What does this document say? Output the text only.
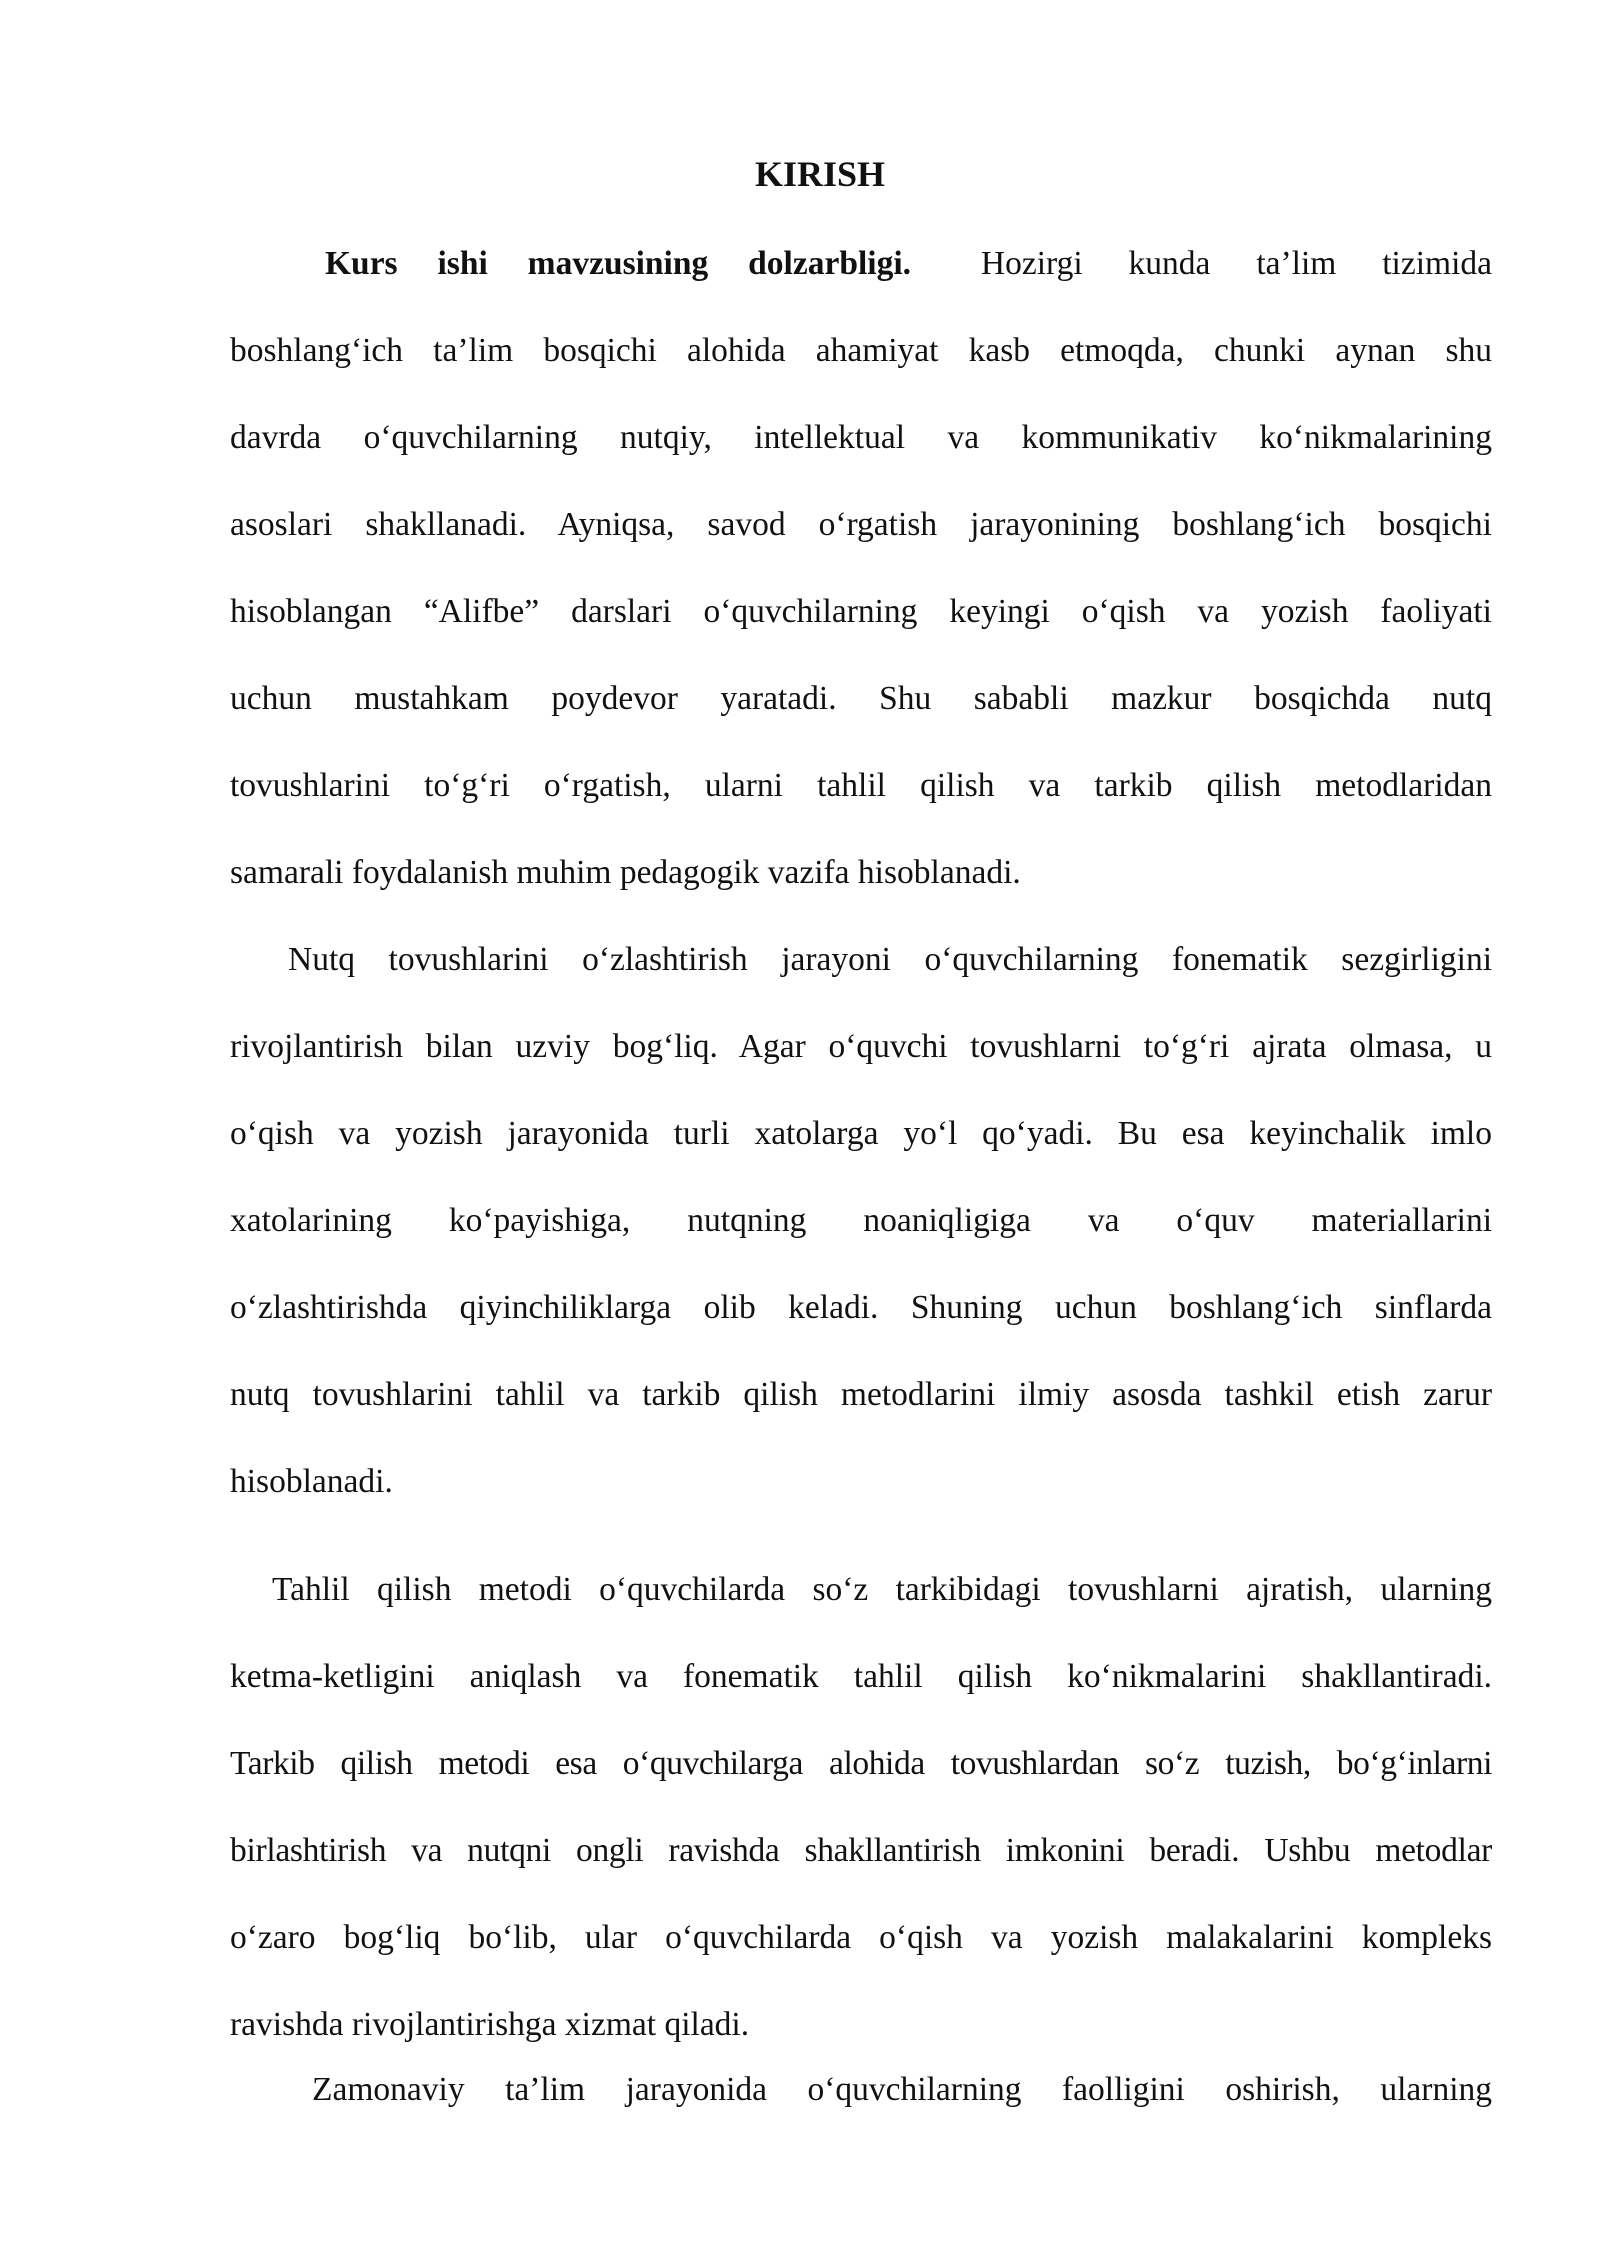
KIRISH
Kurs ishi mavzusining dolzarbligi. Hozirgi kunda ta’lim tizimida
boshlang‘ich ta’lim bosqichi alohida ahamiyat kasb etmoqda, chunki aynan shu
davrda o‘quvchilarning nutqiy, intellektual va kommunikativ ko‘nikmalarining
asoslari shakllanadi. Ayniqsa, savod o‘rgatish jarayonining boshlang‘ich bosqichi
hisoblangan “Alifbe” darslari o‘quvchilarning keyingi o‘qish va yozish faoliyati
uchun mustahkam poydevor yaratadi. Shu sababli mazkur bosqichda nutq
tovushlarini to‘g‘ri o‘rgatish, ularni tahlil qilish va tarkib qilish metodlaridan
samarali foydalanish muhim pedagogik vazifa hisoblanadi.
Nutq tovushlarini o‘zlashtirish jarayoni o‘quvchilarning fonematik sezgirligini
rivojlantirish bilan uzviy bog‘liq. Agar o‘quvchi tovushlarni to‘g‘ri ajrata olmasa, u
o‘qish va yozish jarayonida turli xatolarga yo‘l qo‘yadi. Bu esa keyinchalik imlo
xatolarining ko‘payishiga, nutqning noaniqligiga va o‘quv materiallarini
o‘zlashtirishda qiyinchiliklarga olib keladi. Shuning uchun boshlang‘ich sinflarda
nutq tovushlarini tahlil va tarkib qilish metodlarini ilmiy asosda tashkil etish zarur
hisoblanadi.
Tahlil qilish metodi o‘quvchilarda so‘z tarkibidagi tovushlarni ajratish, ularning
ketma-ketligini aniqlash va fonematik tahlil qilish ko‘nikmalarini shakllantiradi.
Tarkib qilish metodi esa o‘quvchilarga alohida tovushlardan so‘z tuzish, bo‘g‘inlarni
birlashtirish va nutqni ongli ravishda shakllantirish imkonini beradi. Ushbu metodlar
o‘zaro bog‘liq bo‘lib, ular o‘quvchilarda o‘qish va yozish malakalarini kompleks
ravishda rivojlantirishga xizmat qiladi.
Zamonaviy ta’lim jarayonida o‘quvchilarning faolligini oshirish, ularning
